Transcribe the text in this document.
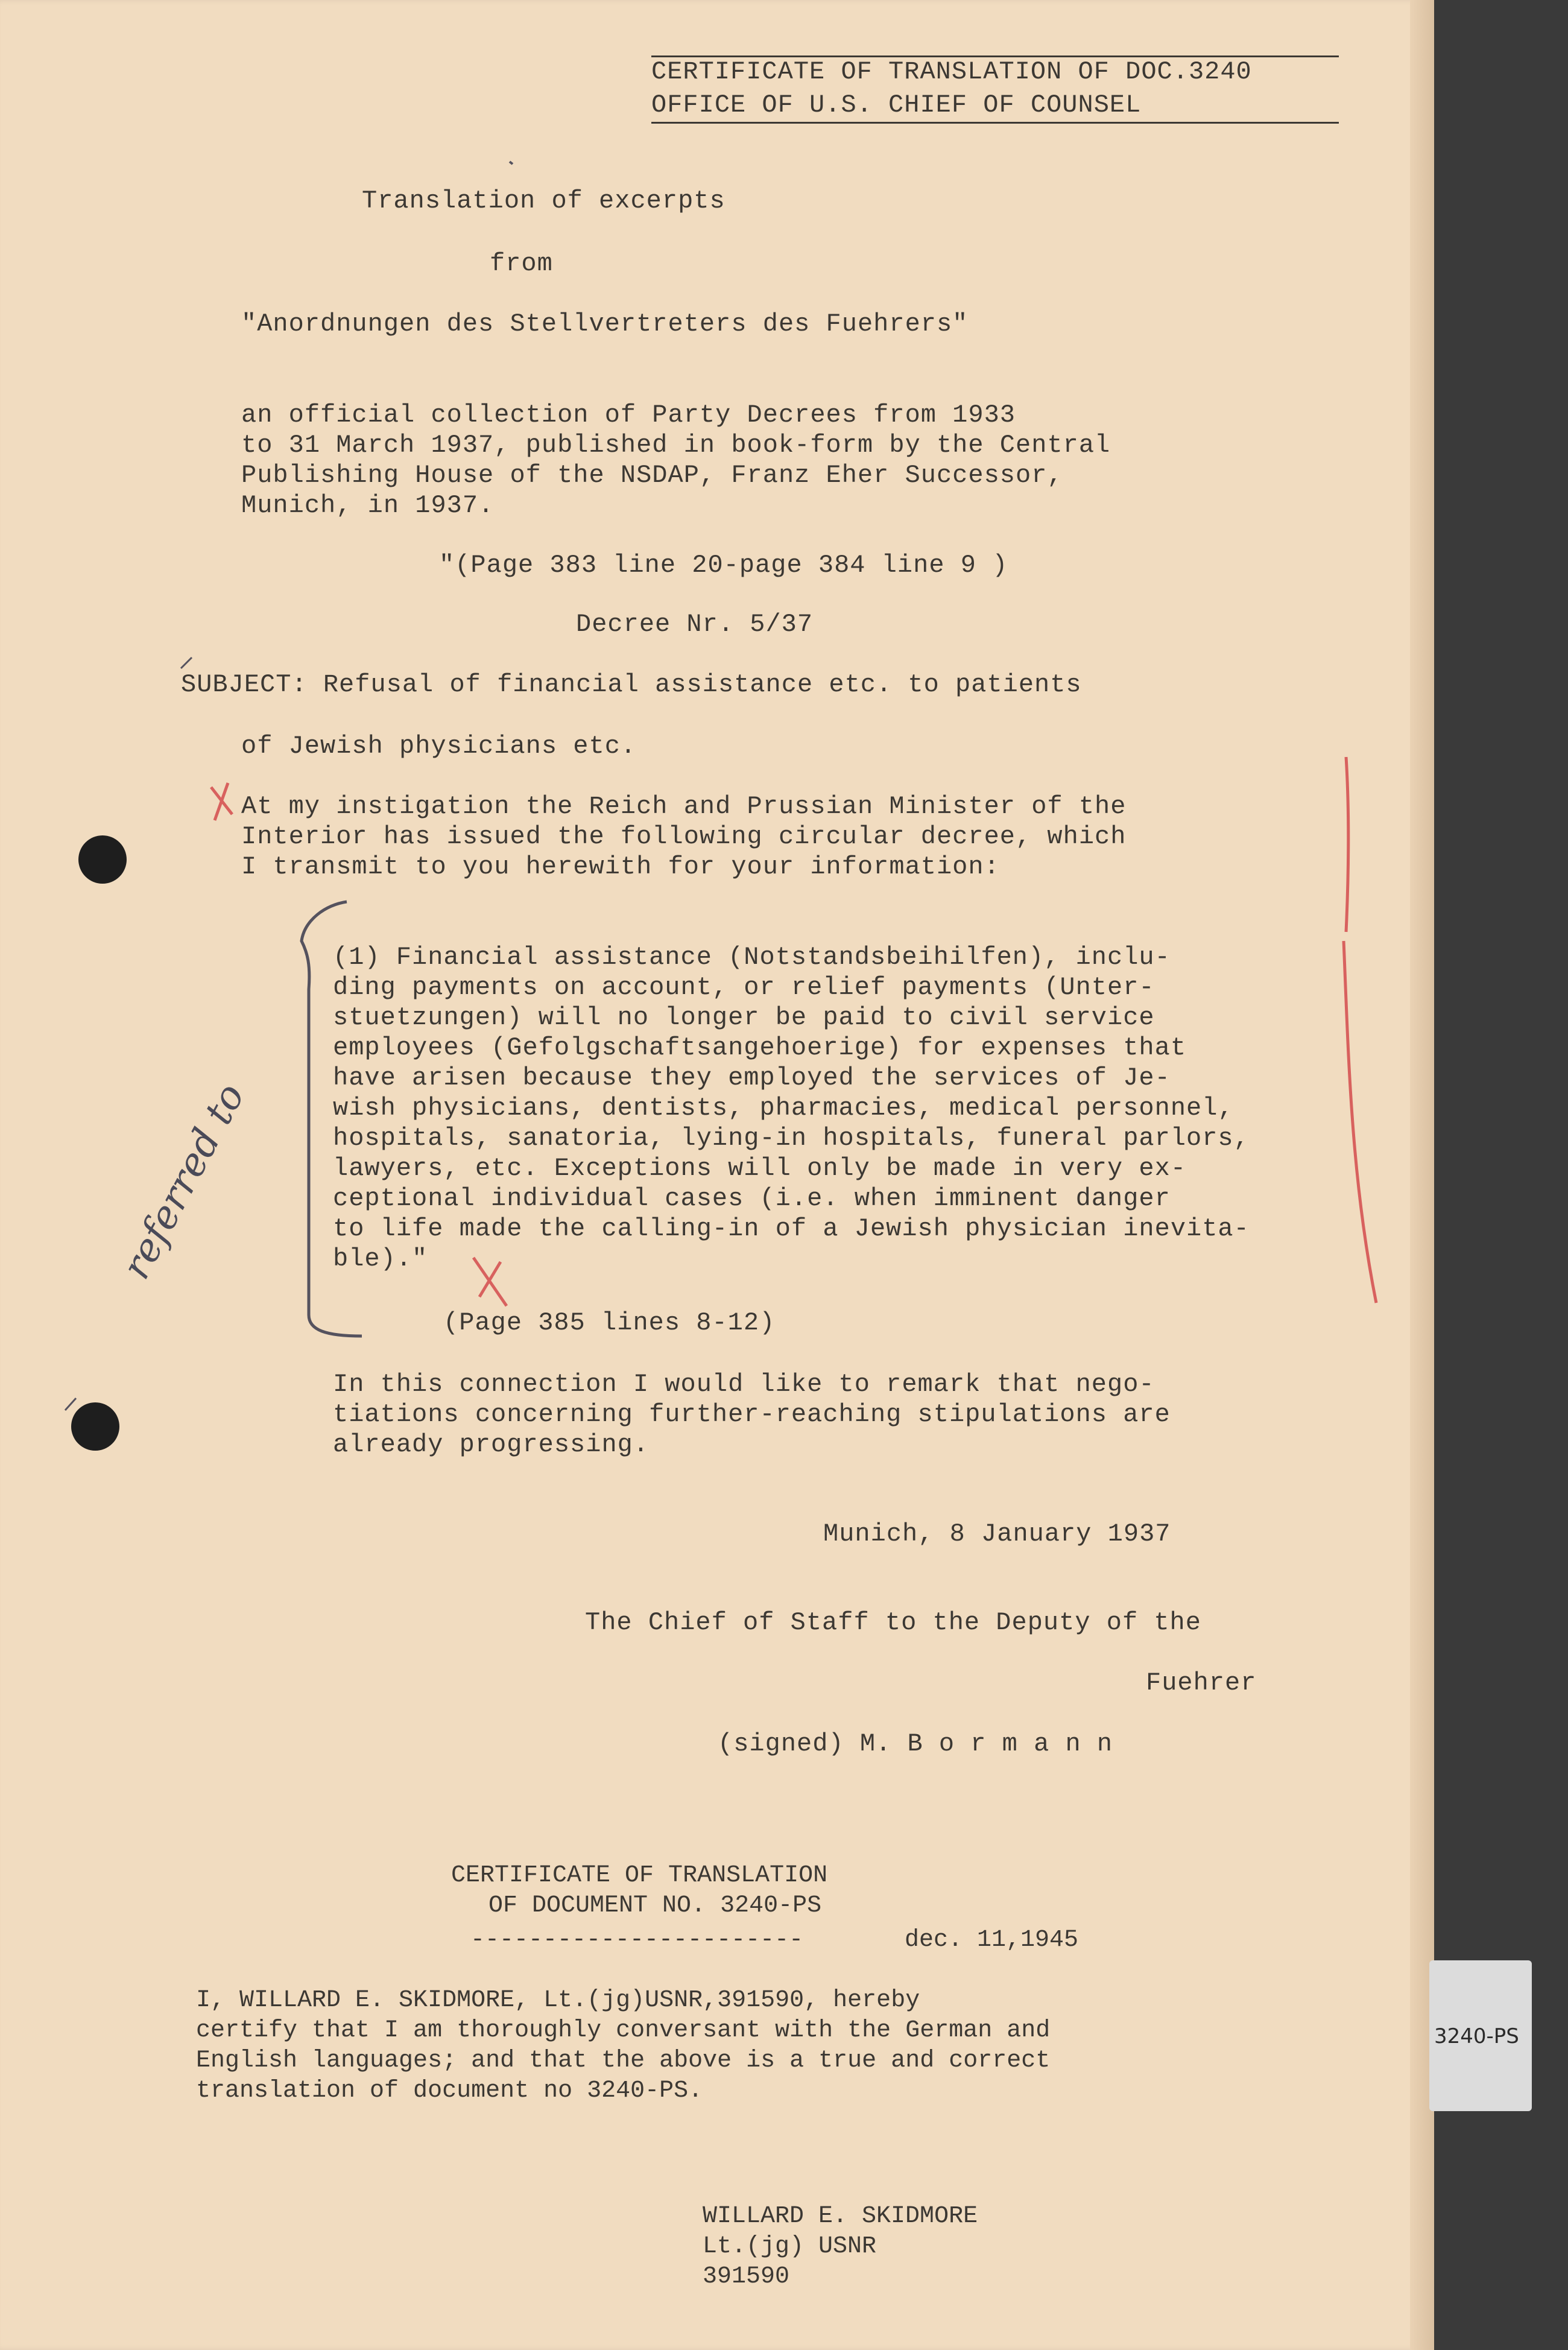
3240-PS
CERTIFICATE OF TRANSLATION OF DOC.3240
OFFICE OF U.S. CHIEF OF COUNSEL
Translation of excerpts
from
"Anordnungen des Stellvertreters des Fuehrers"
an official collection of Party Decrees from 1933
to 31 March 1937, published in book-form by the Central
Publishing House of the NSDAP, Franz Eher Successor,
Munich, in 1937.
"(Page 383 line 20-page 384 line 9 )
Decree Nr. 5/37
SUBJECT: Refusal of financial assistance etc. to patients
of Jewish physicians etc.
At my instigation the Reich and Prussian Minister of the
Interior has issued the following circular decree, which
I transmit to you herewith for your information:
(1) Financial assistance (Notstandsbeihilfen), inclu-
ding payments on account, or relief payments (Unter-
stuetzungen) will no longer be paid to civil service
employees (Gefolgschaftsangehoerige) for expenses that
have arisen because they employed the services of Je-
wish physicians, dentists, pharmacies, medical personnel,
hospitals, sanatoria, lying-in hospitals, funeral parlors,
lawyers, etc. Exceptions will only be made in very ex-
ceptional individual cases (i.e. when imminent danger
to life made the calling-in of a Jewish physician inevita-
ble)."
(Page 385 lines 8-12)
In this connection I would like to remark that nego-
tiations concerning further-reaching stipulations are
already progressing.
Munich, 8 January 1937
The Chief of Staff to the Deputy of the
Fuehrer
(signed) M. B o r m a n n
CERTIFICATE OF TRANSLATION
OF DOCUMENT NO. 3240-PS
-----------------------	dec. 11,1945
I, WILLARD E. SKIDMORE, Lt.(jg)USNR,391590, hereby
certify that I am thoroughly conversant with the German and
English languages; and that the above is a true and correct
translation of document no 3240-PS.
WILLARD E. SKIDMORE
Lt.(jg) USNR
391590
referred to
